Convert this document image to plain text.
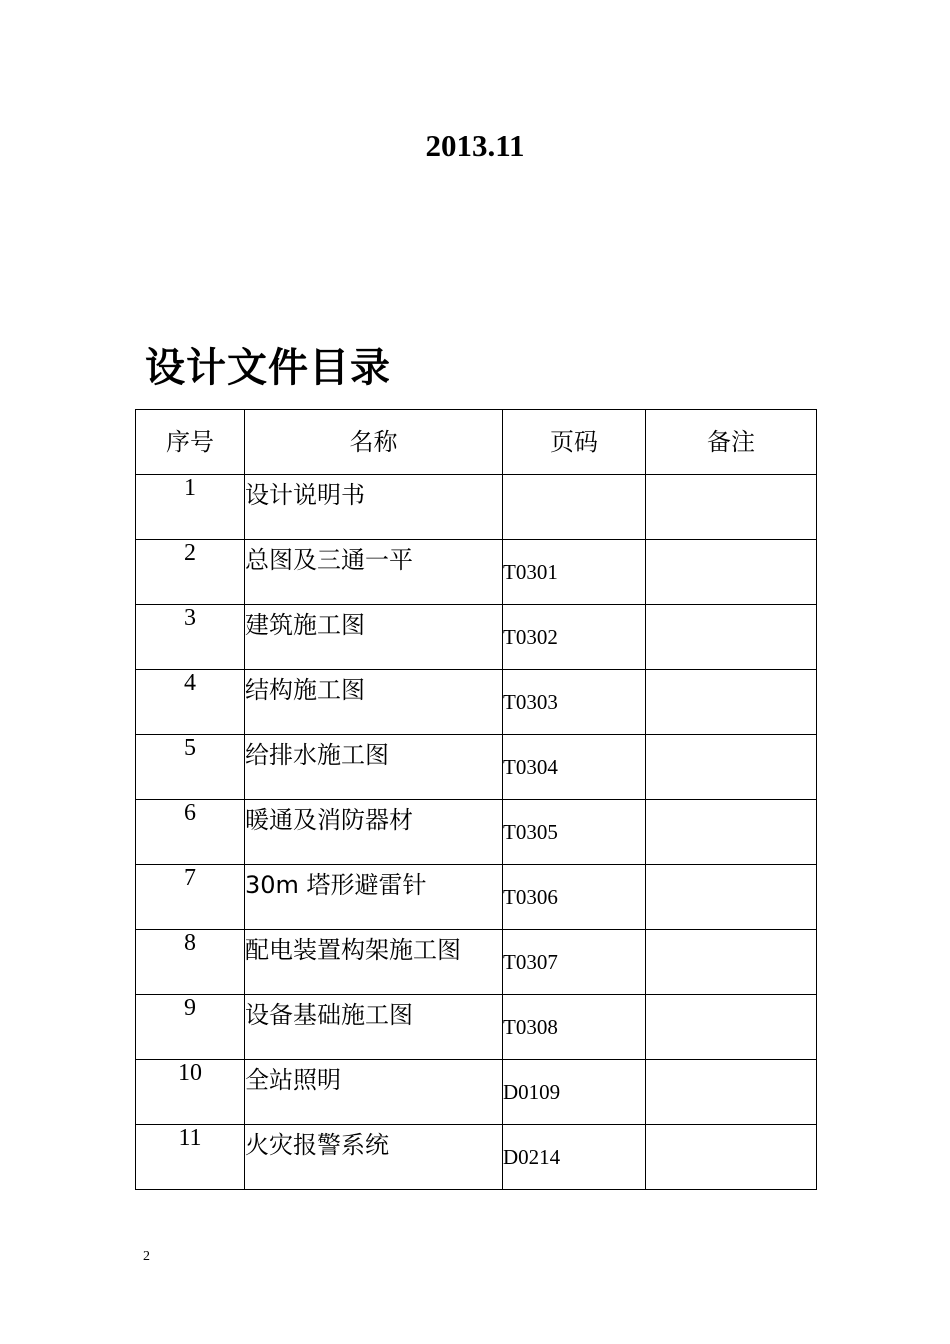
2013.11
设计文件目录
序号	名称	页码	备注
1	设计说明书		
2	总图及三通一平	T0301	
3	建筑施工图	T0302	
4	结构施工图	T0303	
5	给排水施工图	T0304	
6	暖通及消防器材	T0305	
7	30m 塔形避雷针	T0306	
8	配电装置构架施工图	T0307	
9	设备基础施工图	T0308	
10	全站照明	D0109	
11	火灾报警系统	D0214	
2
